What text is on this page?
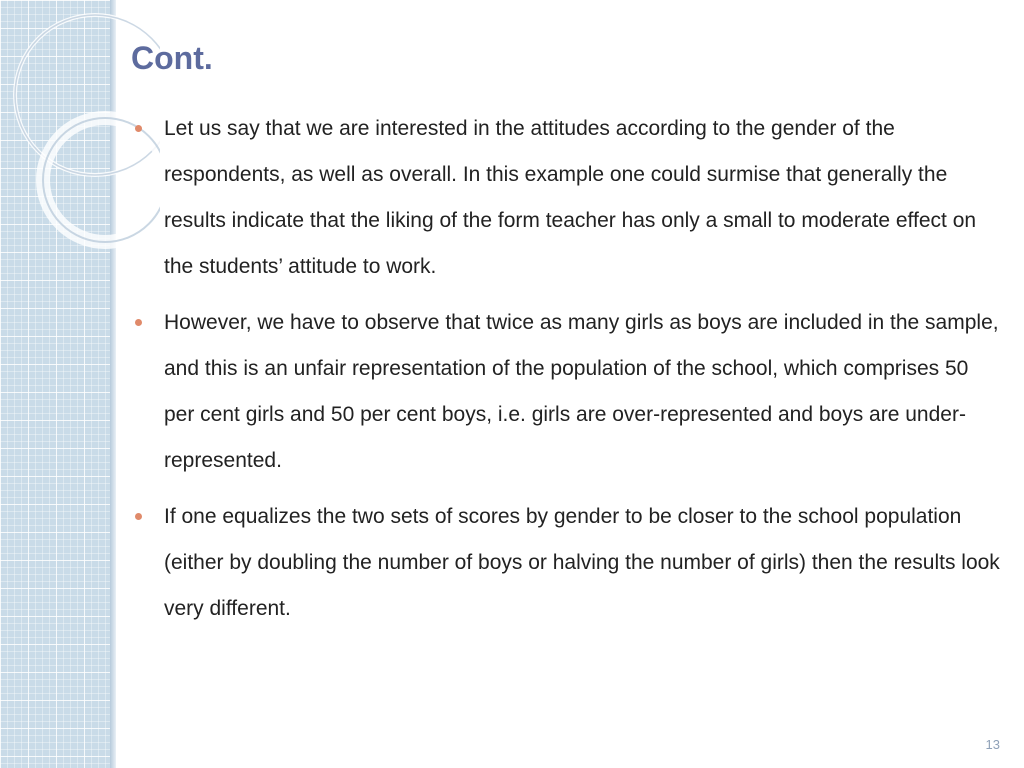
Cont.
Let us say that we are interested in the attitudes according to the gender of the respondents, as well as overall. In this example one could surmise that generally the results indicate that the liking of the form teacher has only a small to moderate effect on the students’ attitude to work.
However, we have to observe that twice as many girls as boys are included in the sample, and this is an unfair representation of the population of the school, which comprises 50 per cent girls and 50 per cent boys, i.e. girls are over-represented and boys are under-represented.
If one equalizes the two sets of scores by gender to be closer to the school population (either by doubling the number of boys or halving the number of girls) then the results look very different.
13
